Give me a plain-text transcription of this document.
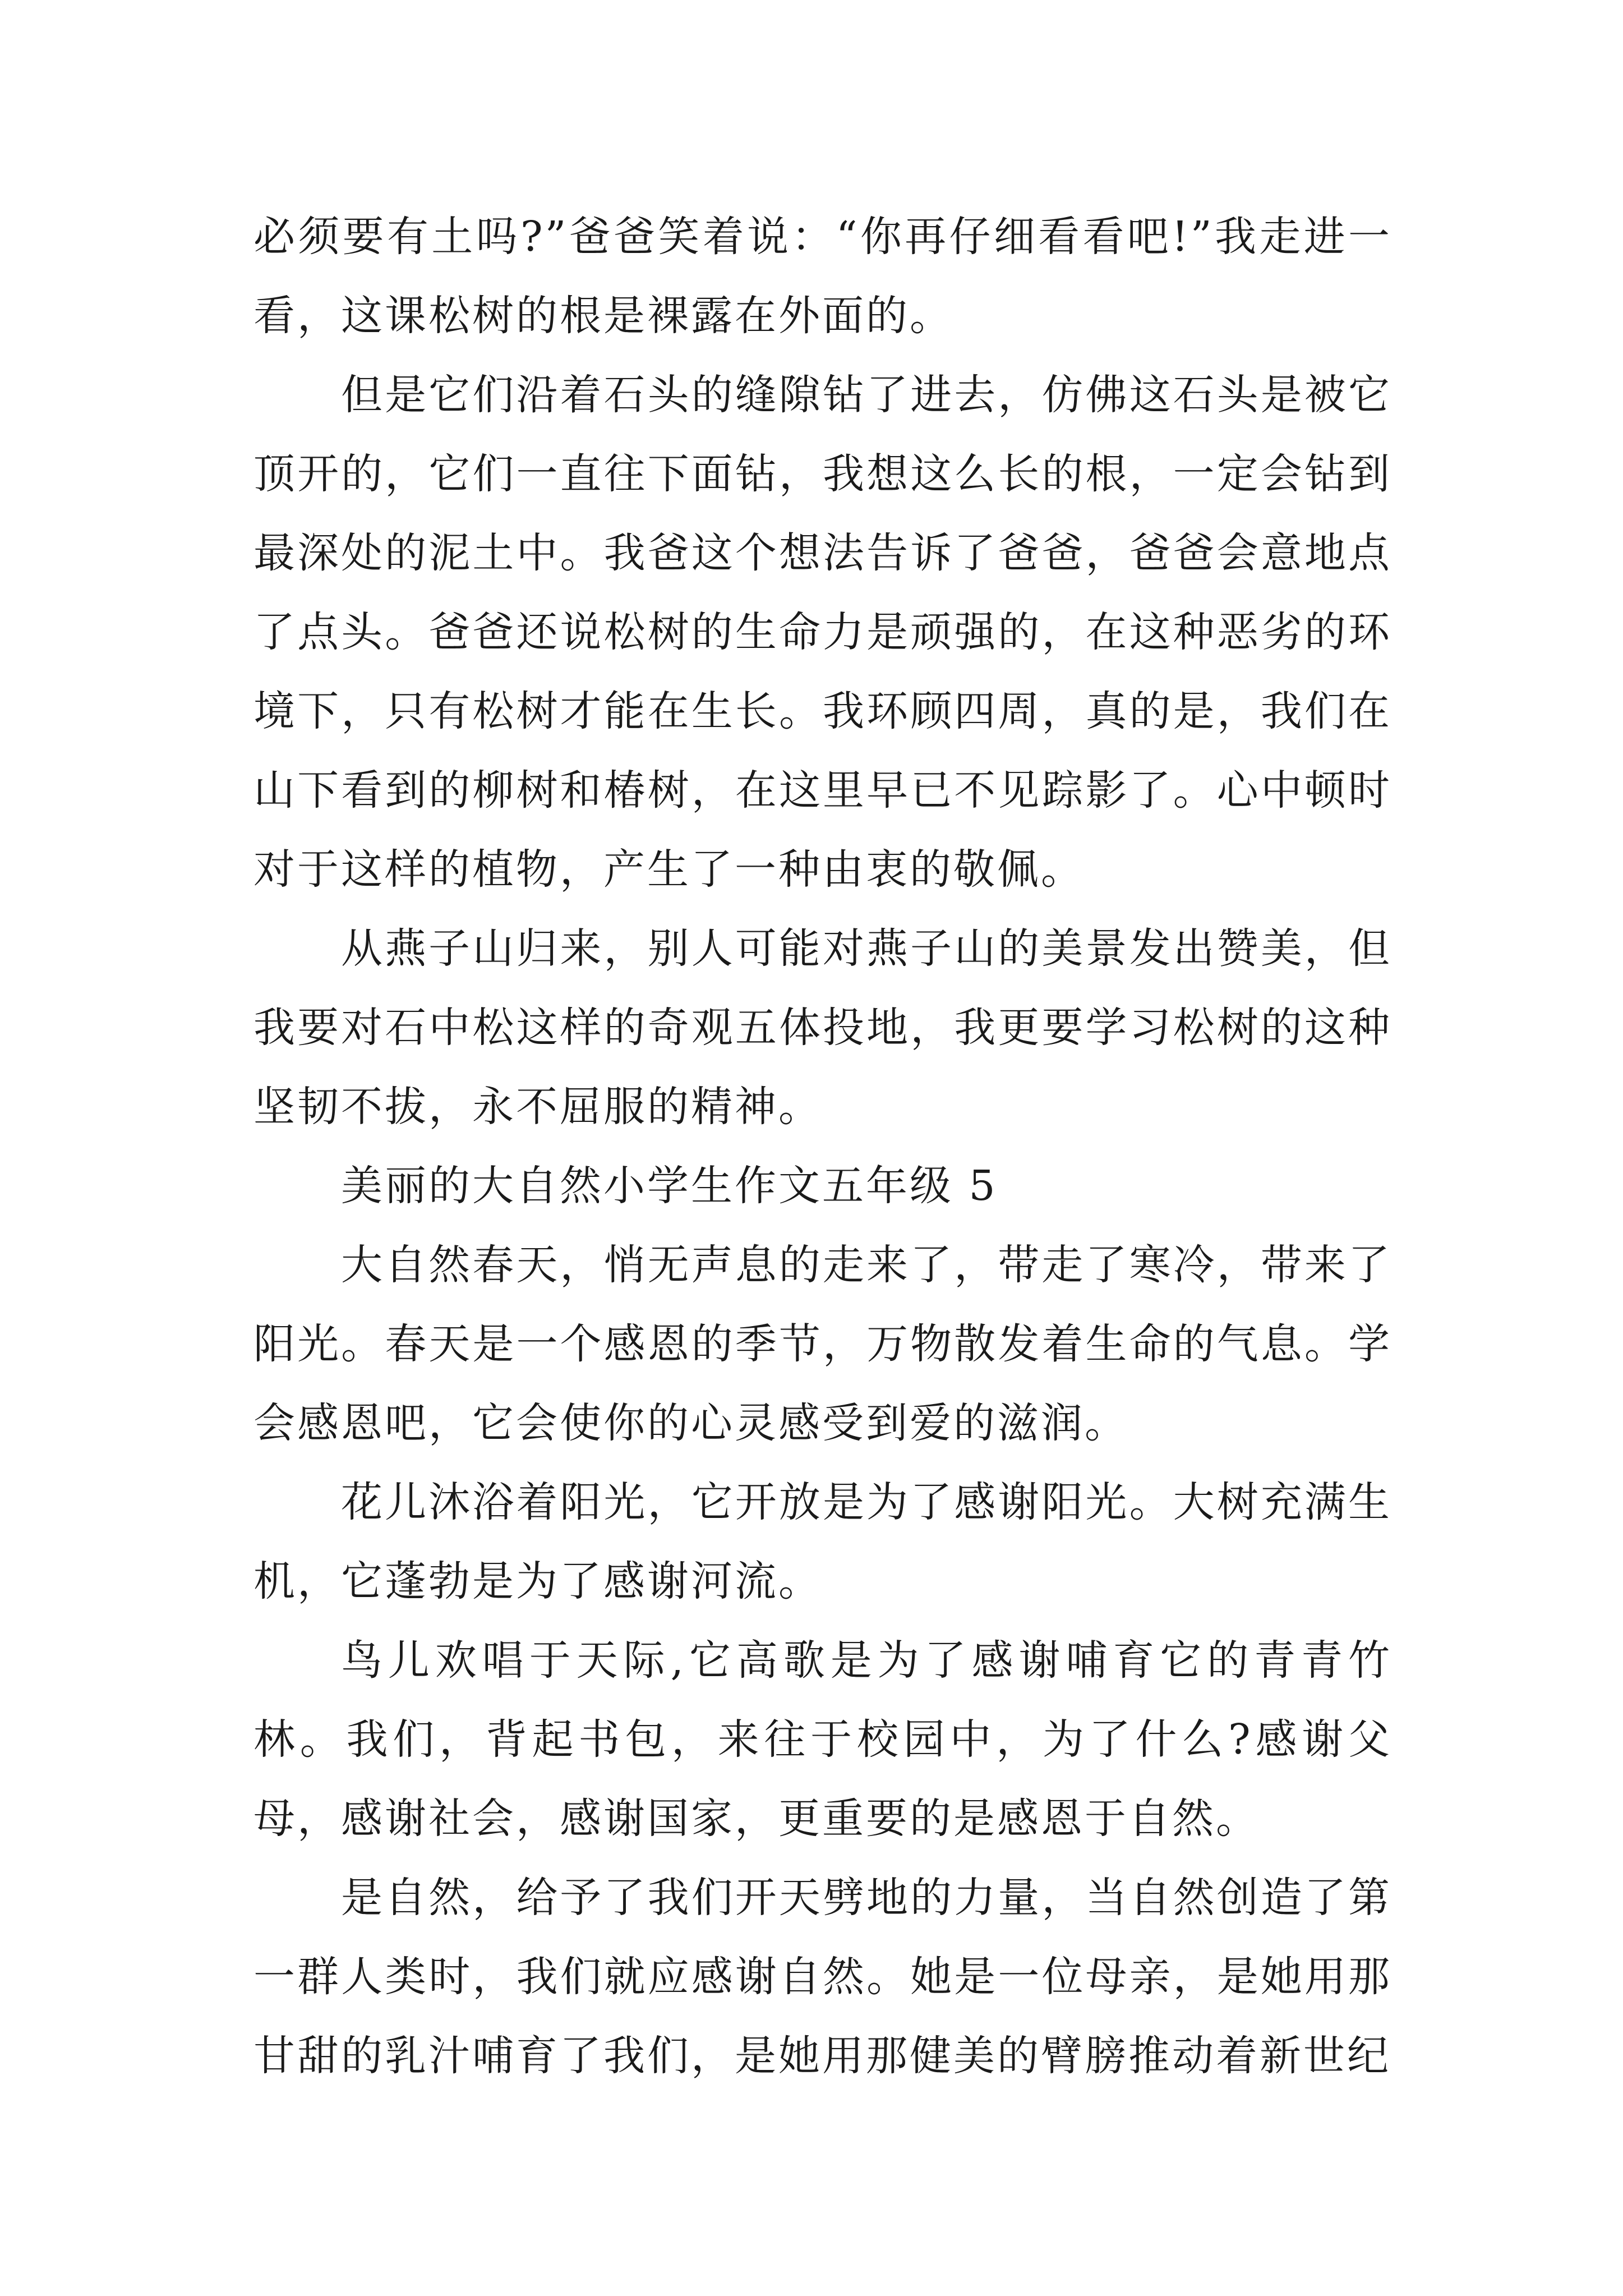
必须要有土吗?”爸爸笑着说：“你再仔细看看吧!”我走进一看，这课松树的根是裸露在外面的。

但是它们沿着石头的缝隙钻了进去，仿佛这石头是被它顶开的，它们一直往下面钻，我想这么长的根，一定会钻到最深处的泥土中。我爸这个想法告诉了爸爸，爸爸会意地点了点头。爸爸还说松树的生命力是顽强的，在这种恶劣的环境下，只有松树才能在生长。我环顾四周，真的是，我们在山下看到的柳树和椿树，在这里早已不见踪影了。心中顿时对于这样的植物，产生了一种由衷的敬佩。

从燕子山归来，别人可能对燕子山的美景发出赞美，但我要对石中松这样的奇观五体投地，我更要学习松树的这种坚韧不拔，永不屈服的精神。

美丽的大自然小学生作文五年级 5

大自然春天，悄无声息的走来了，带走了寒冷，带来了阳光。春天是一个感恩的季节，万物散发着生命的气息。学会感恩吧，它会使你的心灵感受到爱的滋润。

花儿沐浴着阳光，它开放是为了感谢阳光。大树充满生机，它蓬勃是为了感谢河流。

鸟儿欢唱于天际,它高歌是为了感谢哺育它的青青竹林。我们，背起书包，来往于校园中，为了什么?感谢父母，感谢社会，感谢国家，更重要的是感恩于自然。

是自然，给予了我们开天劈地的力量，当自然创造了第一群人类时，我们就应感谢自然。她是一位母亲，是她用那甘甜的乳汁哺育了我们，是她用那健美的臂膀推动着新世纪
